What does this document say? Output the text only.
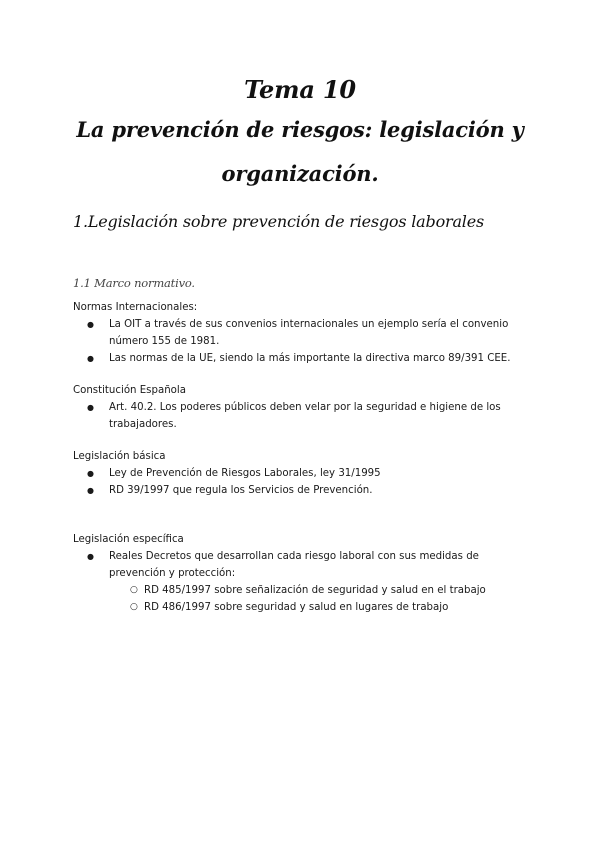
Tema 10
La prevención de riesgos: legislación y
organización.
1.Legislación sobre prevención de riesgos laborales
1.1 Marco normativo.
Normas Internacionales:
● La OIT a través de sus convenios internacionales un ejemplo sería el convenio número 155 de 1981.
● Las normas de la UE, siendo la más importante la directiva marco 89/391 CEE.
Constitución Española
● Art. 40.2. Los poderes públicos deben velar por la seguridad e higiene de los trabajadores.
Legislación básica
● Ley de Prevención de Riesgos Laborales, ley 31/1995
● RD 39/1997 que regula los Servicios de Prevención.
Legislación específica
● Reales Decretos que desarrollan cada riesgo laboral con sus medidas de prevención y protección:
○ RD 485/1997 sobre señalización de seguridad y salud en el trabajo
○ RD 486/1997 sobre seguridad y salud en lugares de trabajo
